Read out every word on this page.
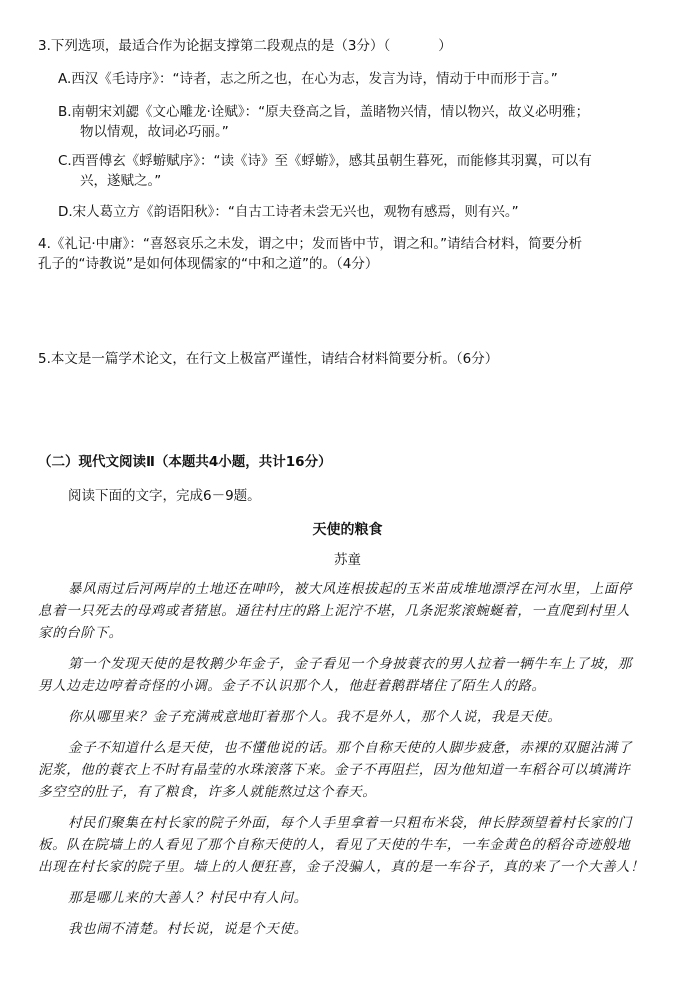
3.下列选项，最适合作为论据支撑第二段观点的是（3分）（	）
A.西汉《毛诗序》：“诗者，志之所之也，在心为志，发言为诗，情动于中而形于言。”
B.南朝宋刘勰《文心雕龙·诠赋》：“原夫登高之旨，盖睹物兴情，情以物兴，故义必明雅；
物以情观，故词必巧丽。”
C.西晋傅玄《蜉蝣赋序》：“读《诗》至《蜉蝣》，感其虽朝生暮死，而能修其羽翼，可以有
兴，遂赋之。”
D.宋人葛立方《韵语阳秋》：“自古工诗者未尝无兴也，观物有感焉，则有兴。”
4.《礼记·中庸》：“喜怒哀乐之未发，谓之中；发而皆中节，谓之和。”请结合材料，简要分析
孔子的“诗教说”是如何体现儒家的“中和之道”的。（4分）
5.本文是一篇学术论文，在行文上极富严谨性，请结合材料简要分析。（6分）
（二）现代文阅读Ⅱ（本题共4小题，共计16分）
阅读下面的文字，完成6－9题。
天使的粮食
苏童
暴风雨过后河两岸的土地还在呻吟，被大风连根拔起的玉米苗成堆地漂浮在河水里，上面停
息着一只死去的母鸡或者猪崽。通往村庄的路上泥泞不堪，几条泥浆滚蜿蜒着，一直爬到村里人
家的台阶下。
第一个发现天使的是牧鹅少年金子，金子看见一个身披蓑衣的男人拉着一辆牛车上了坡，那
男人边走边哼着奇怪的小调。金子不认识那个人，他赶着鹅群堵住了陌生人的路。
你从哪里来？金子充满戒意地盯着那个人。我不是外人，那个人说，我是天使。
金子不知道什么是天使，也不懂他说的话。那个自称天使的人脚步疲惫，赤裸的双腿沾满了
泥浆，他的蓑衣上不时有晶莹的水珠滚落下来。金子不再阻拦，因为他知道一车稻谷可以填满许
多空空的肚子，有了粮食，许多人就能熬过这个春天。
村民们聚集在村长家的院子外面，每个人手里拿着一只粗布米袋，伸长脖颈望着村长家的门
板。队在院墙上的人看见了那个自称天使的人，看见了天使的牛车，一车金黄色的稻谷奇迹般地
出现在村长家的院子里。墙上的人便狂喜，金子没骗人，真的是一车谷子，真的来了一个大善人！
那是哪儿来的大善人？村民中有人问。
我也闹不清楚。村长说，说是个天使。
